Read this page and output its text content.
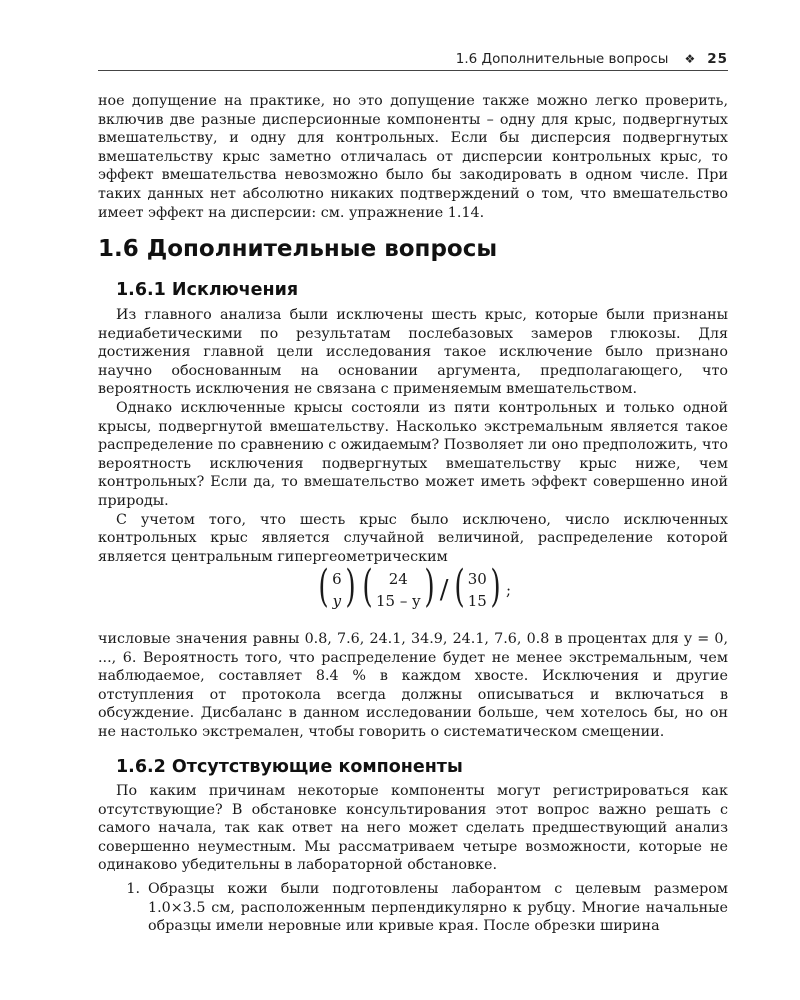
1.6 Дополнительные вопросы ❖ 25

ное допущение на практике, но это допущение также можно легко проверить, включив две разные дисперсионные компоненты – одну для крыс, подвергнутых вмешательству, и одну для контрольных. Если бы дисперсия подвергнутых вмешательству крыс заметно отличалась от дисперсии контрольных крыс, то эффект вмешательства невозможно было бы закодировать в одном числе. При таких данных нет абсолютно никаких подтверждений о том, что вмешательство имеет эффект на дисперсии: см. упражнение 1.14.

1.6 Дополнительные вопросы
1.6.1 Исключения

Из главного анализа были исключены шесть крыс, которые были признаны недиабетическими по результатам послебазовых замеров глюкозы. Для достижения главной цели исследования такое исключение было признано научно обоснованным на основании аргумента, предполагающего, что вероятность исключения не связана с применяемым вмешательством.

Однако исключенные крысы состояли из пяти контрольных и только одной крысы, подвергнутой вмешательству. Насколько экстремальным является такое распределение по сравнению с ожидаемым? Позволяет ли оно предположить, что вероятность исключения подвергнутых вмешательству крыс ниже, чем контрольных? Если да, то вмешательство может иметь эффект совершенно иной природы.

С учетом того, что шесть крыс было исключено, число исключенных контрольных крыс является случайной величиной, распределение которой является центральным гипергеометрическим

( 6
y ) ( 24
15 – y ) / ( 30
15 ) ;

числовые значения равны 0.8, 7.6, 24.1, 34.9, 24.1, 7.6, 0.8 в процентах для y = 0, ..., 6. Вероятность того, что распределение будет не менее экстремальным, чем наблюдаемое, составляет 8.4 % в каждом хвосте. Исключения и другие отступления от протокола всегда должны описываться и включаться в обсуждение. Дисбаланс в данном исследовании больше, чем хотелось бы, но он не настолько экстремален, чтобы говорить о систематическом смещении.

1.6.2 Отсутствующие компоненты

По каким причинам некоторые компоненты могут регистрироваться как отсутствующие? В обстановке консультирования этот вопрос важно решать с самого начала, так как ответ на него может сделать предшествующий анализ совершенно неуместным. Мы рассматриваем четыре возможности, которые не одинаково убедительны в лабораторной обстановке.

1. Образцы кожи были подготовлены лаборантом с целевым размером 1.0×3.5 см, расположенным перпендикулярно к рубцу. Многие начальные образцы имели неровные или кривые края. После обрезки ширина
